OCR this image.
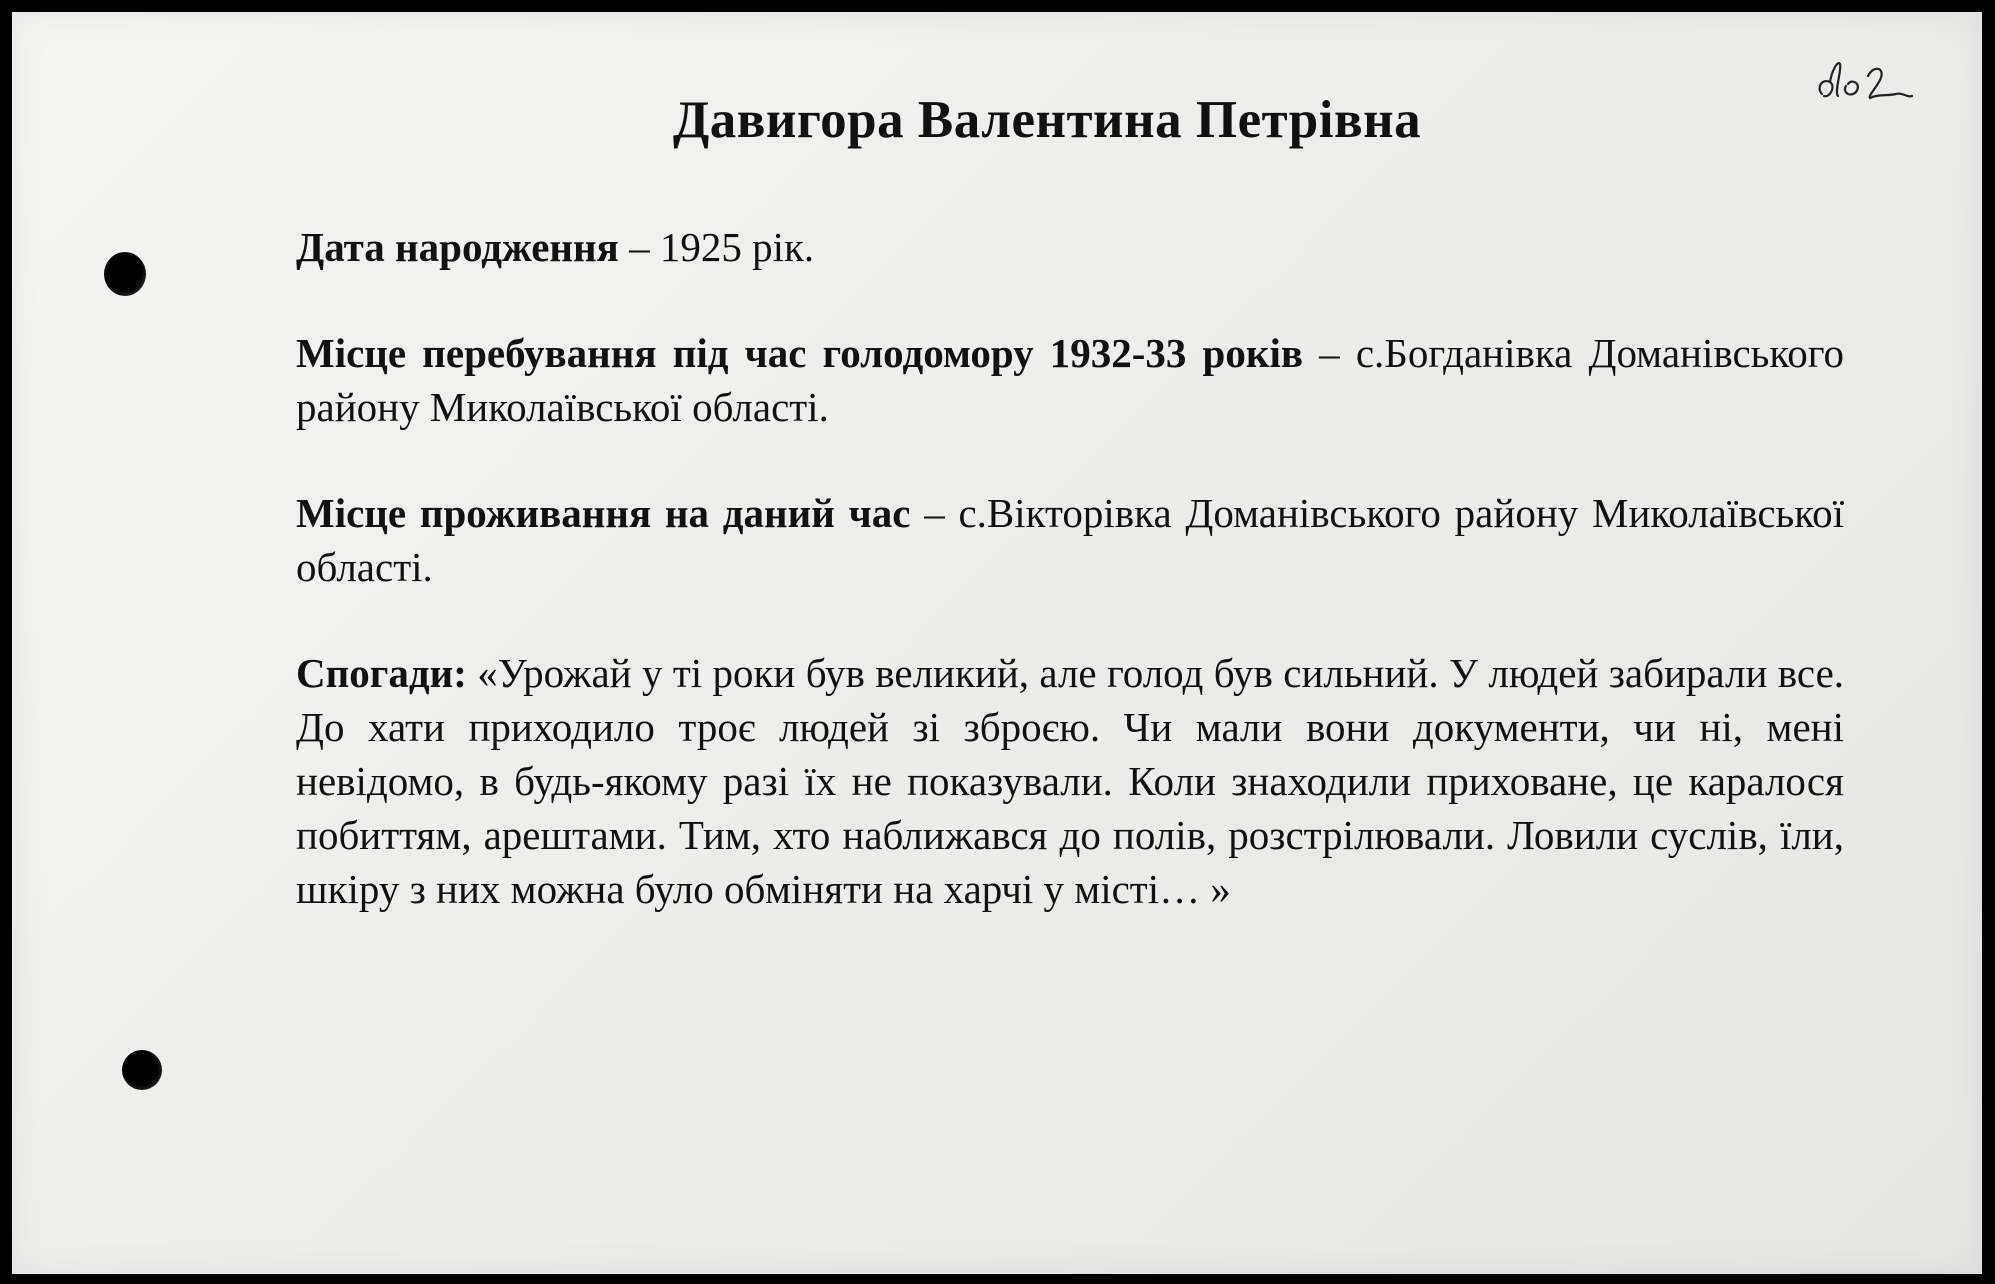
Давигора Валентина Петрівна

Дата народження – 1925 рік.

Місце перебування під час голодомору 1932-33 років – с.Богданівка Доманівського району Миколаївської області.

Місце проживання на даний час – с.Вікторівка Доманівського району Миколаївської області.

Спогади: «Урожай у ті роки був великий, але голод був сильний. У людей забирали все. До хати приходило троє людей зі зброєю. Чи мали вони документи, чи ні, мені невідомо, в будь-якому разі їх не показували. Коли знаходили приховане, це каралося побиттям, арештами. Тим, хто наближався до полів, розстрілювали. Ловили суслів, їли, шкіру з них можна було обміняти на харчі у місті… »
